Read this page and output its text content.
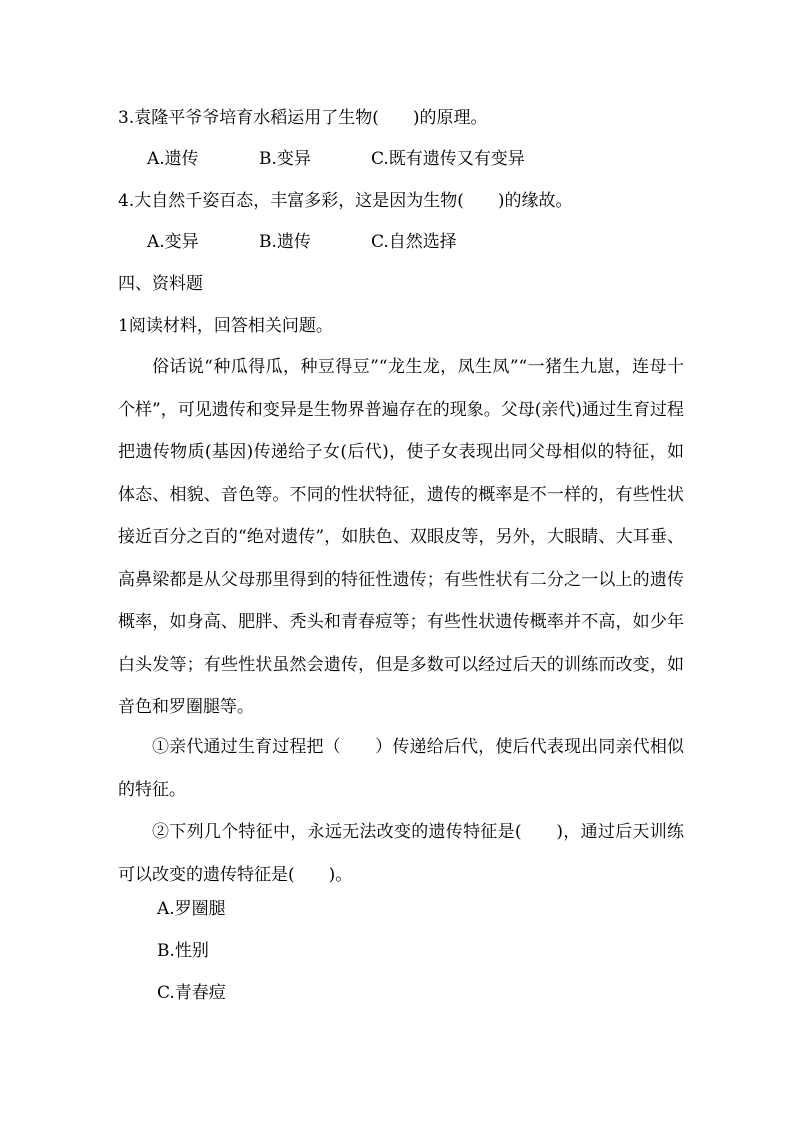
3.袁隆平爷爷培育水稻运用了生物(　　)的原理。
A.遗传	B.变异	C.既有遗传又有变异
4.大自然千姿百态，丰富多彩，这是因为生物(　　)的缘故。
A.变异	B.遗传	C.自然选择
四、资料题
1阅读材料，回答相关问题。
俗话说“种瓜得瓜，种豆得豆”“龙生龙，凤生凤”“一猪生九崽，连母十个样”，可见遗传和变异是生物界普遍存在的现象。父母(亲代)通过生育过程把遗传物质(基因)传递给子女(后代)，使子女表现出同父母相似的特征，如体态、相貌、音色等。不同的性状特征，遗传的概率是不一样的，有些性状接近百分之百的“绝对遗传”，如肤色、双眼皮等，另外，大眼睛、大耳垂、高鼻梁都是从父母那里得到的特征性遗传；有些性状有二分之一以上的遗传概率，如身高、肥胖、秃头和青春痘等；有些性状遗传概率并不高，如少年白头发等；有些性状虽然会遗传，但是多数可以经过后天的训练而改变，如音色和罗圈腿等。
①亲代通过生育过程把（　　）传递给后代，使后代表现出同亲代相似的特征。
②下列几个特征中，永远无法改变的遗传特征是(　　)，通过后天训练可以改变的遗传特征是(　　)。
A.罗圈腿
B.性别
C.青春痘
